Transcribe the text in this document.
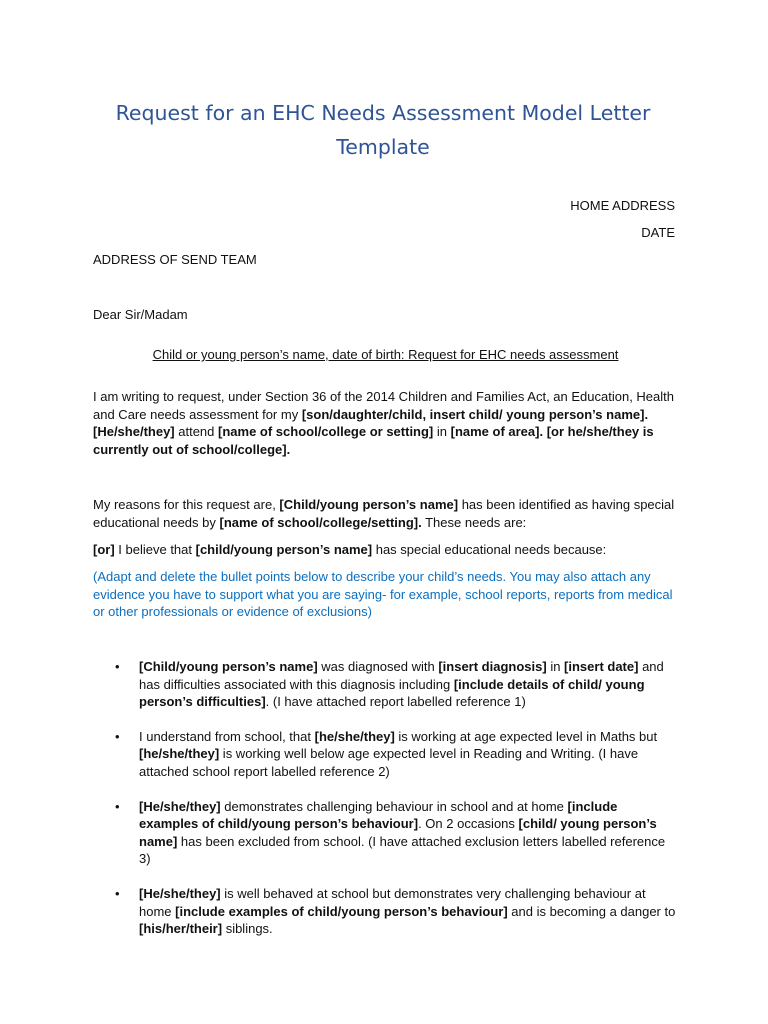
Request for an EHC Needs Assessment Model Letter Template

HOME ADDRESS

DATE

ADDRESS OF SEND TEAM

Dear Sir/Madam

Child or young person’s name, date of birth: Request for EHC needs assessment

I am writing to request, under Section 36 of the 2014 Children and Families Act, an Education, Health and Care needs assessment for my [son/daughter/child, insert child/ young person’s name]. [He/she/they] attend [name of school/college or setting] in [name of area]. [or he/she/they is currently out of school/college].

My reasons for this request are, [Child/young person’s name] has been identified as having special educational needs by [name of school/college/setting]. These needs are:

[or] I believe that [child/young person’s name] has special educational needs because:

(Adapt and delete the bullet points below to describe your child’s needs. You may also attach any evidence you have to support what you are saying- for example, school reports, reports from medical or other professionals or evidence of exclusions)

• [Child/young person’s name] was diagnosed with [insert diagnosis] in [insert date] and has difficulties associated with this diagnosis including [include details of child/ young person’s difficulties]. (I have attached report labelled reference 1)
• I understand from school, that [he/she/they] is working at age expected level in Maths but [he/she/they] is working well below age expected level in Reading and Writing. (I have attached school report labelled reference 2)
• [He/she/they] demonstrates challenging behaviour in school and at home [include examples of child/young person’s behaviour]. On 2 occasions [child/ young person’s name] has been excluded from school. (I have attached exclusion letters labelled reference 3)
• [He/she/they] is well behaved at school but demonstrates very challenging behaviour at home [include examples of child/young person’s behaviour] and is becoming a danger to [his/her/their] siblings.
